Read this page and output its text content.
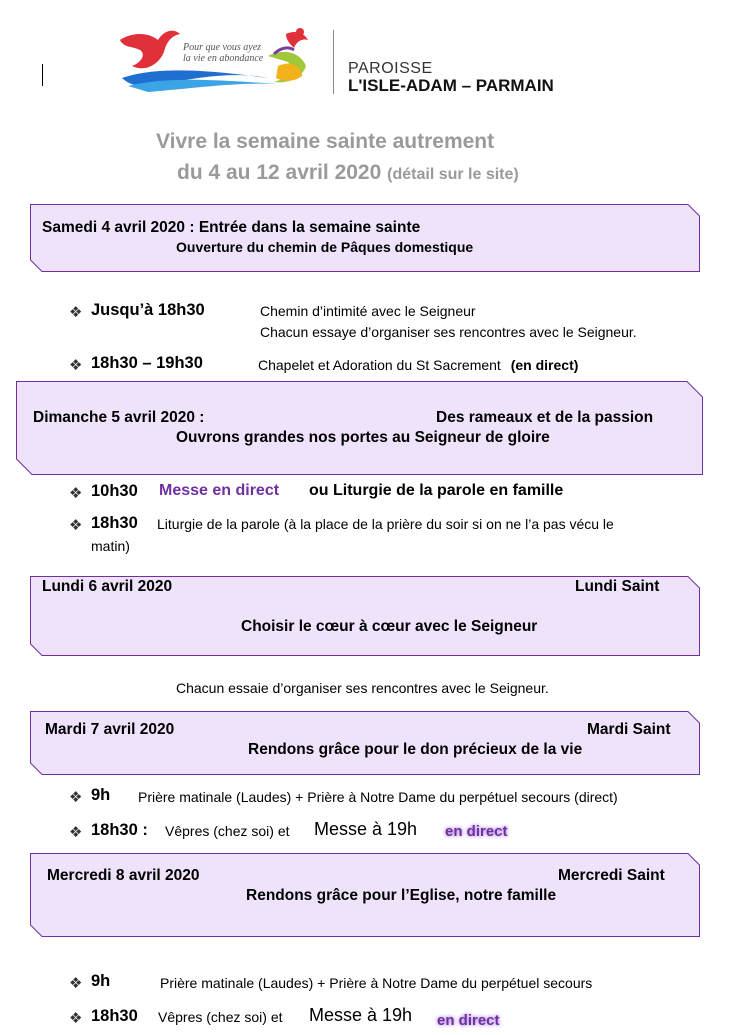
Pour que vous ayez
la vie en abondance
PAROISSE
L'ISLE-ADAM – PARMAIN
Vivre la semaine sainte autrement
du 4 au 12 avril 2020 (détail sur le site)
Samedi 4 avril 2020 : Entrée dans la semaine sainte
Ouverture du chemin de Pâques domestique
❖ Jusqu’à 18h30	Chemin d’intimité avec le Seigneur
Chacun essaye d’organiser ses rencontres avec le Seigneur.
❖ 18h30 – 19h30	Chapelet et Adoration du St Sacrement (en direct)
Dimanche 5 avril 2020 :	Des rameaux et de la passion
Ouvrons grandes nos portes au Seigneur de gloire
❖ 10h30 Messe en direct ou Liturgie de la parole en famille
❖ 18h30 Liturgie de la parole (à la place de la prière du soir si on ne l’a pas vécu le
matin)
Lundi 6 avril 2020	Lundi Saint
Choisir le cœur à cœur avec le Seigneur
Chacun essaie d’organiser ses rencontres avec le Seigneur.
Mardi 7 avril 2020	Mardi Saint
Rendons grâce pour le don précieux de la vie
❖ 9h Prière matinale (Laudes) + Prière à Notre Dame du perpétuel secours (direct)
❖ 18h30 : Vêpres (chez soi) et Messe à 19h en direct
Mercredi 8 avril 2020	Mercredi Saint
Rendons grâce pour l’Eglise, notre famille
❖ 9h	Prière matinale (Laudes) + Prière à Notre Dame du perpétuel secours
❖ 18h30 Vêpres (chez soi) et Messe à 19h en direct
